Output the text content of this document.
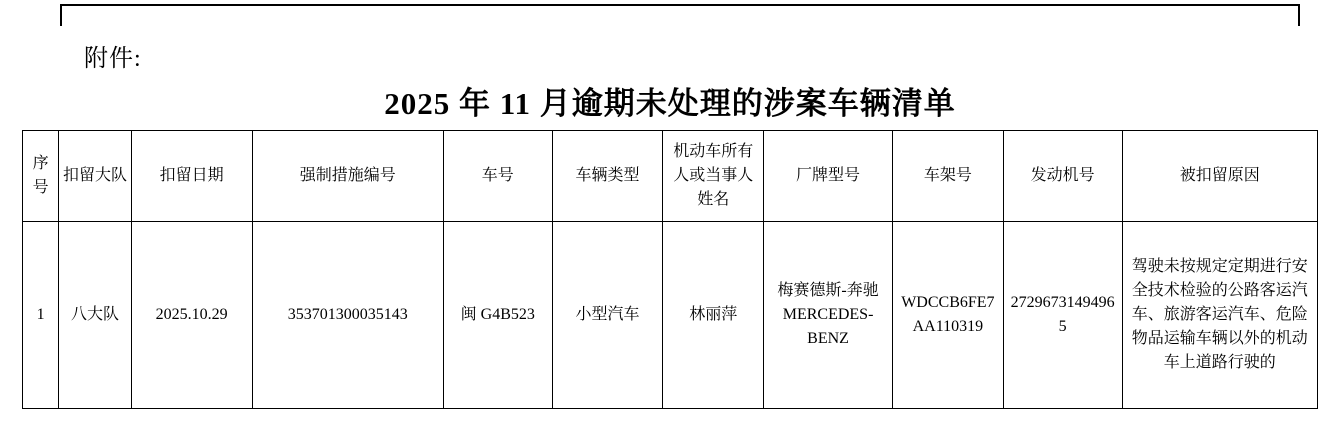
附件:
2025 年 11 月逾期未处理的涉案车辆清单
序号	扣留大队	扣留日期	强制措施编号	车号	车辆类型	机动车所有人或当事人姓名	厂牌型号	车架号	发动机号	被扣留原因
1	八大队	2025.10.29	353701300035143	闽 G4B523	小型汽车	林丽萍	梅赛德斯-奔驰 MERCEDES-BENZ	WDCCB6FE7AA110319	27296731494965	驾驶未按规定定期进行安全技术检验的公路客运汽车、旅游客运汽车、危险物品运输车辆以外的机动车上道路行驶的
